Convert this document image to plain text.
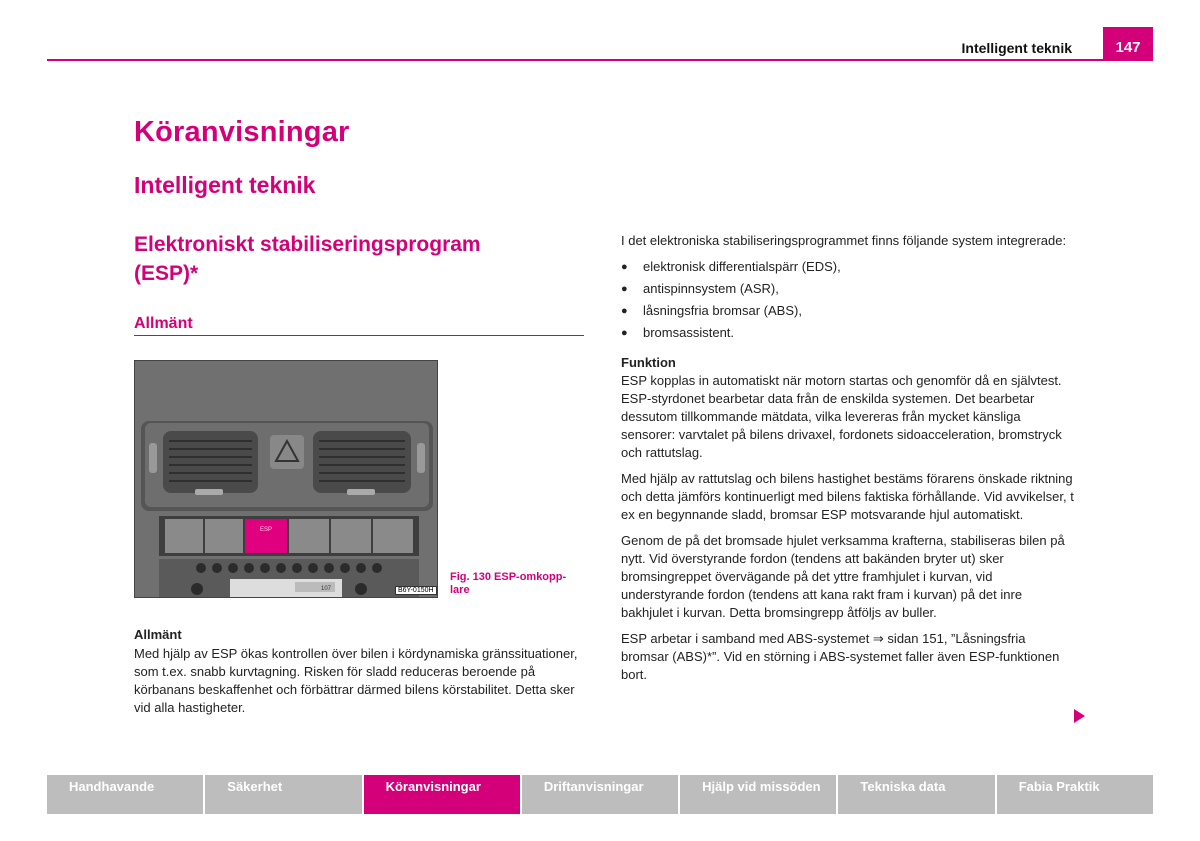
Intelligent teknik	147
Köranvisningar
Intelligent teknik
Elektroniskt stabiliseringsprogram
(ESP)*
Allmänt
ESP
107	B6Y-0150H
Fig. 130 ESP-omkopp-
lare
Allmänt
Med hjälp av ESP ökas kontrollen över bilen i kördynamiska gränssituationer, som t.ex. snabb kurvtagning. Risken för sladd reduceras beroende på körbanans beskaffenhet och förbättrar därmed bilens körstabilitet. Detta sker vid alla hastigheter.

I det elektroniska stabiliseringsprogrammet finns följande system integrerade:

● elektronisk differentialspärr (EDS),
● antispinnsystem (ASR),
● låsningsfria bromsar (ABS),
● bromsassistent.
Funktion

ESP kopplas in automatiskt när motorn startas och genomför då en självtest. ESP-styrdonet bearbetar data från de enskilda systemen. Det bearbetar dessutom tillkommande mätdata, vilka levereras från mycket känsliga sensorer: varvtalet på bilens drivaxel, fordonets sidoacceleration, bromstryck och rattutslag.

Med hjälp av rattutslag och bilens hastighet bestäms förarens önskade riktning och detta jämförs kontinuerligt med bilens faktiska förhållande. Vid avvikelser, t ex en begynnande sladd, bromsar ESP motsvarande hjul automatiskt.

Genom de på det bromsade hjulet verksamma krafterna, stabiliseras bilen på nytt. Vid överstyrande fordon (tendens att bakänden bryter ut) sker bromsingreppet övervägande på det yttre framhjulet i kurvan, vid understyrande fordon (tendens att kana rakt fram i kurvan) på det inre bakhjulet i kurvan. Detta bromsingrepp åtföljs av buller.

ESP arbetar i samband med ABS-systemet ⇒ sidan 151, ”Låsningsfria bromsar (ABS)*”. Vid en störning i ABS-systemet faller även ESP-funktionen bort.

Handhavande	Säkerhet	Köranvisningar	Driftanvisningar	Hjälp vid missöden	Tekniska data	Fabia Praktik
